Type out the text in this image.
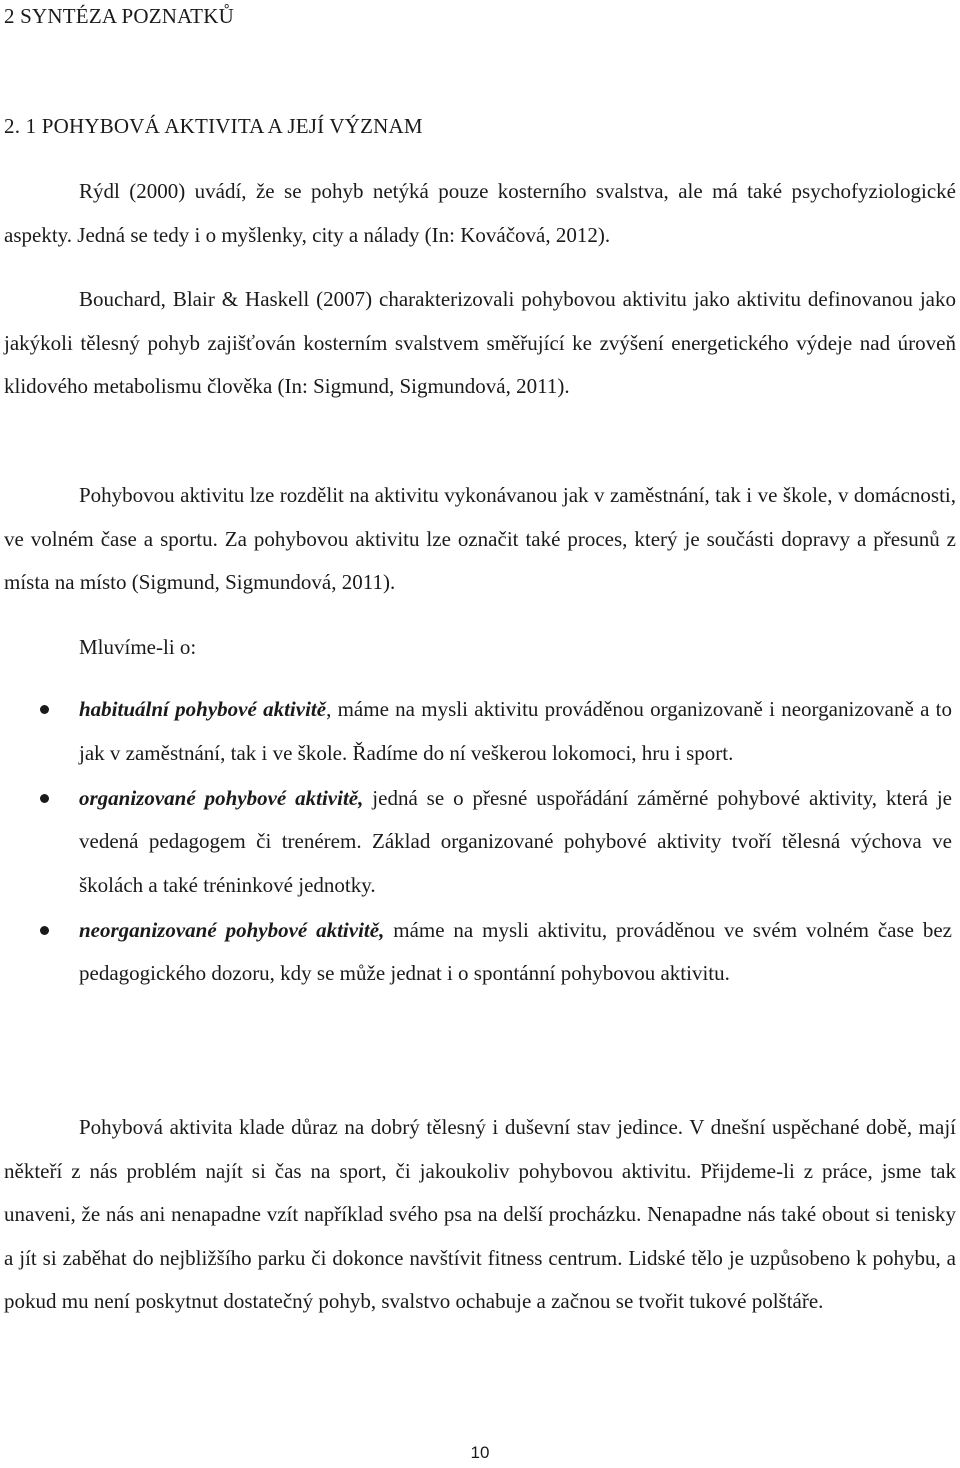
2 SYNTÉZA POZNATKŮ
2. 1 POHYBOVÁ AKTIVITA A JEJÍ VÝZNAM

Rýdl (2000) uvádí, že se pohyb netýká pouze kosterního svalstva, ale má také psychofyziologické aspekty. Jedná se tedy i o myšlenky, city a nálady (In: Kováčová, 2012).

Bouchard, Blair & Haskell (2007) charakterizovali pohybovou aktivitu jako aktivitu definovanou jako jakýkoli tělesný pohyb zajišťován kosterním svalstvem směřující ke zvýšení energetického výdeje nad úroveň klidového metabolismu člověka (In: Sigmund, Sigmundová, 2011).

Pohybovou aktivitu lze rozdělit na aktivitu vykonávanou jak v zaměstnání, tak i ve škole, v domácnosti, ve volném čase a sportu. Za pohybovou aktivitu lze označit také proces, který je součásti dopravy a přesunů z místa na místo (Sigmund, Sigmundová, 2011).

Mluvíme-li o:

habituální pohybové aktivitě, máme na mysli aktivitu prováděnou organizovaně i neorganizovaně a to jak v zaměstnání, tak i ve škole. Řadíme do ní veškerou lokomoci, hru i sport.
organizované pohybové aktivitě, jedná se o přesné uspořádání záměrné pohybové aktivity, která je vedená pedagogem či trenérem. Základ organizované pohybové aktivity tvoří tělesná výchova ve školách a také tréninkové jednotky.
neorganizované pohybové aktivitě, máme na mysli aktivitu, prováděnou ve svém volném čase bez pedagogického dozoru, kdy se může jednat i o spontánní pohybovou aktivitu.

Pohybová aktivita klade důraz na dobrý tělesný i duševní stav jedince. V dnešní uspěchané době, mají někteří z nás problém najít si čas na sport, či jakoukoliv pohybovou aktivitu. Přijdeme-li z práce, jsme tak unaveni, že nás ani nenapadne vzít například svého psa na delší procházku. Nenapadne nás také obout si tenisky a jít si zaběhat do nejbližšího parku či dokonce navštívit fitness centrum. Lidské tělo je uzpůsobeno k pohybu, a pokud mu není poskytnut dostatečný pohyb, svalstvo ochabuje a začnou se tvořit tukové polštáře.

10
